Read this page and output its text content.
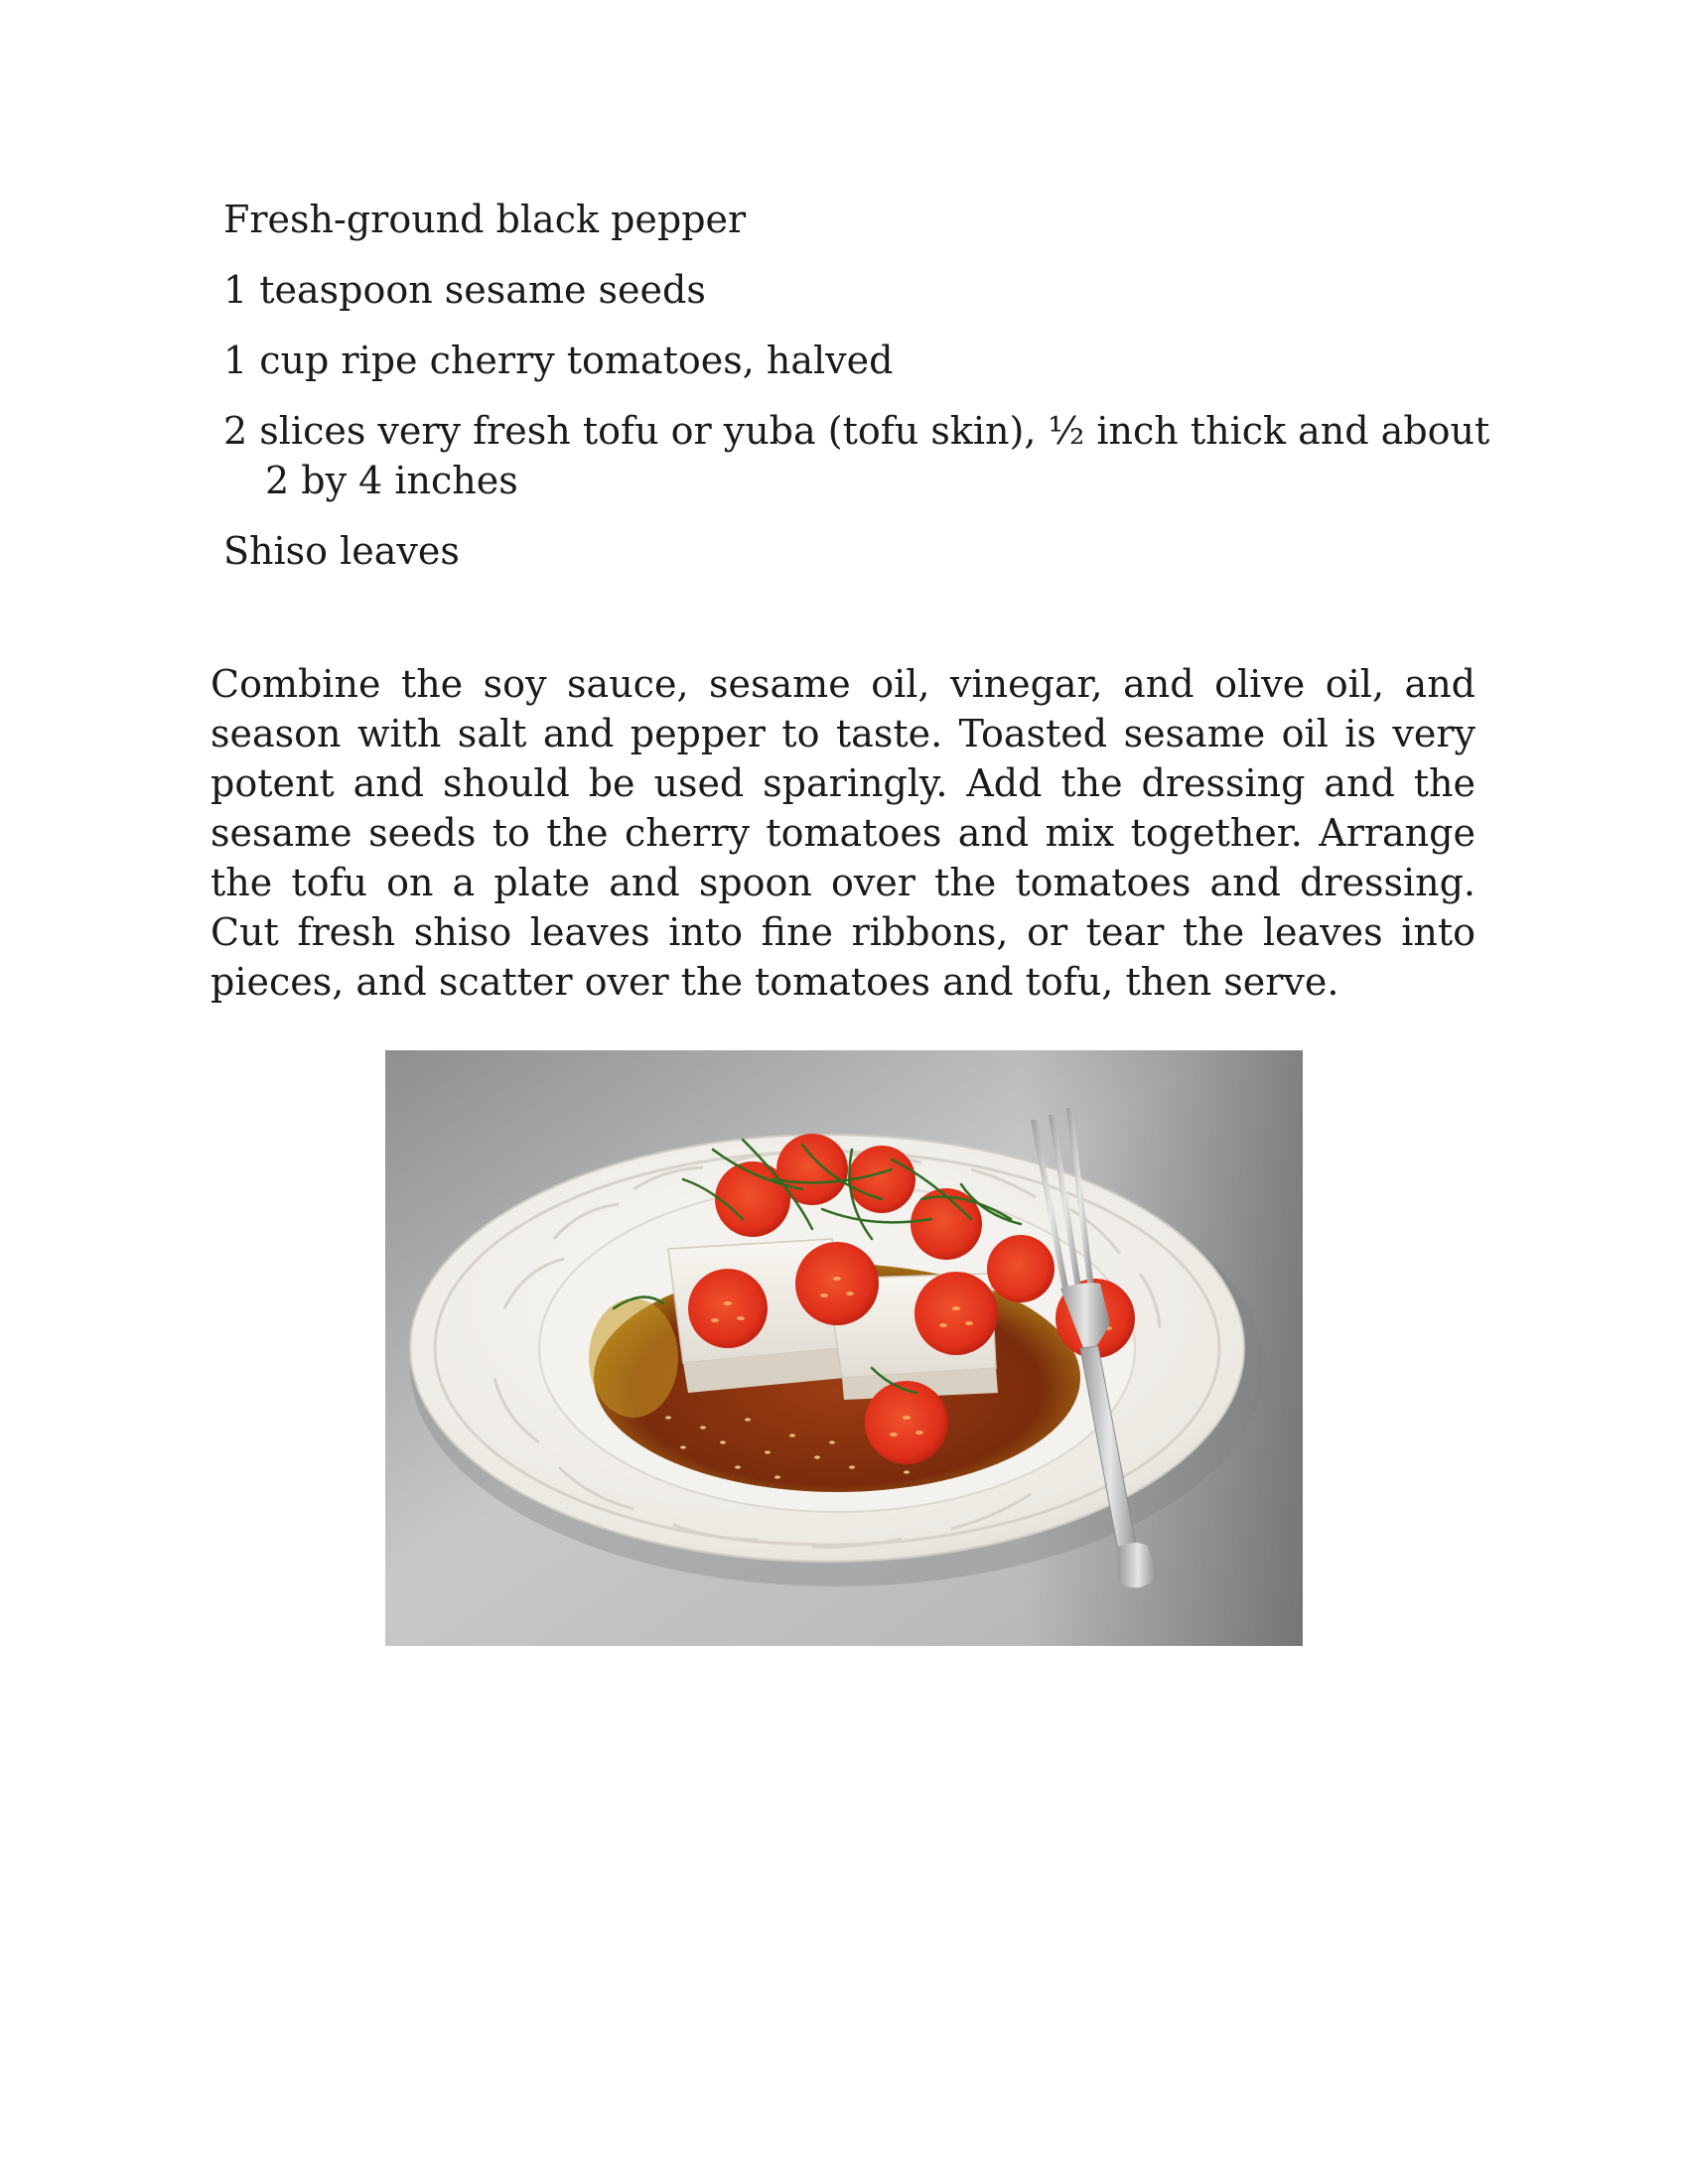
Fresh-ground black pepper
1 teaspoon sesame seeds
1 cup ripe cherry tomatoes, halved
2 slices very fresh tofu or yuba (tofu skin), ½ inch thick and about 2 by 4 inches
Shiso leaves

Combine the soy sauce, sesame oil, vinegar, and olive oil, and season with salt and pepper to taste. Toasted sesame oil is very potent and should be used sparingly. Add the dressing and the sesame seeds to the cherry tomatoes and mix together. Arrange the tofu on a plate and spoon over the tomatoes and dressing. Cut fresh shiso leaves into fine ribbons, or tear the leaves into pieces, and scatter over the tomatoes and tofu, then serve.
